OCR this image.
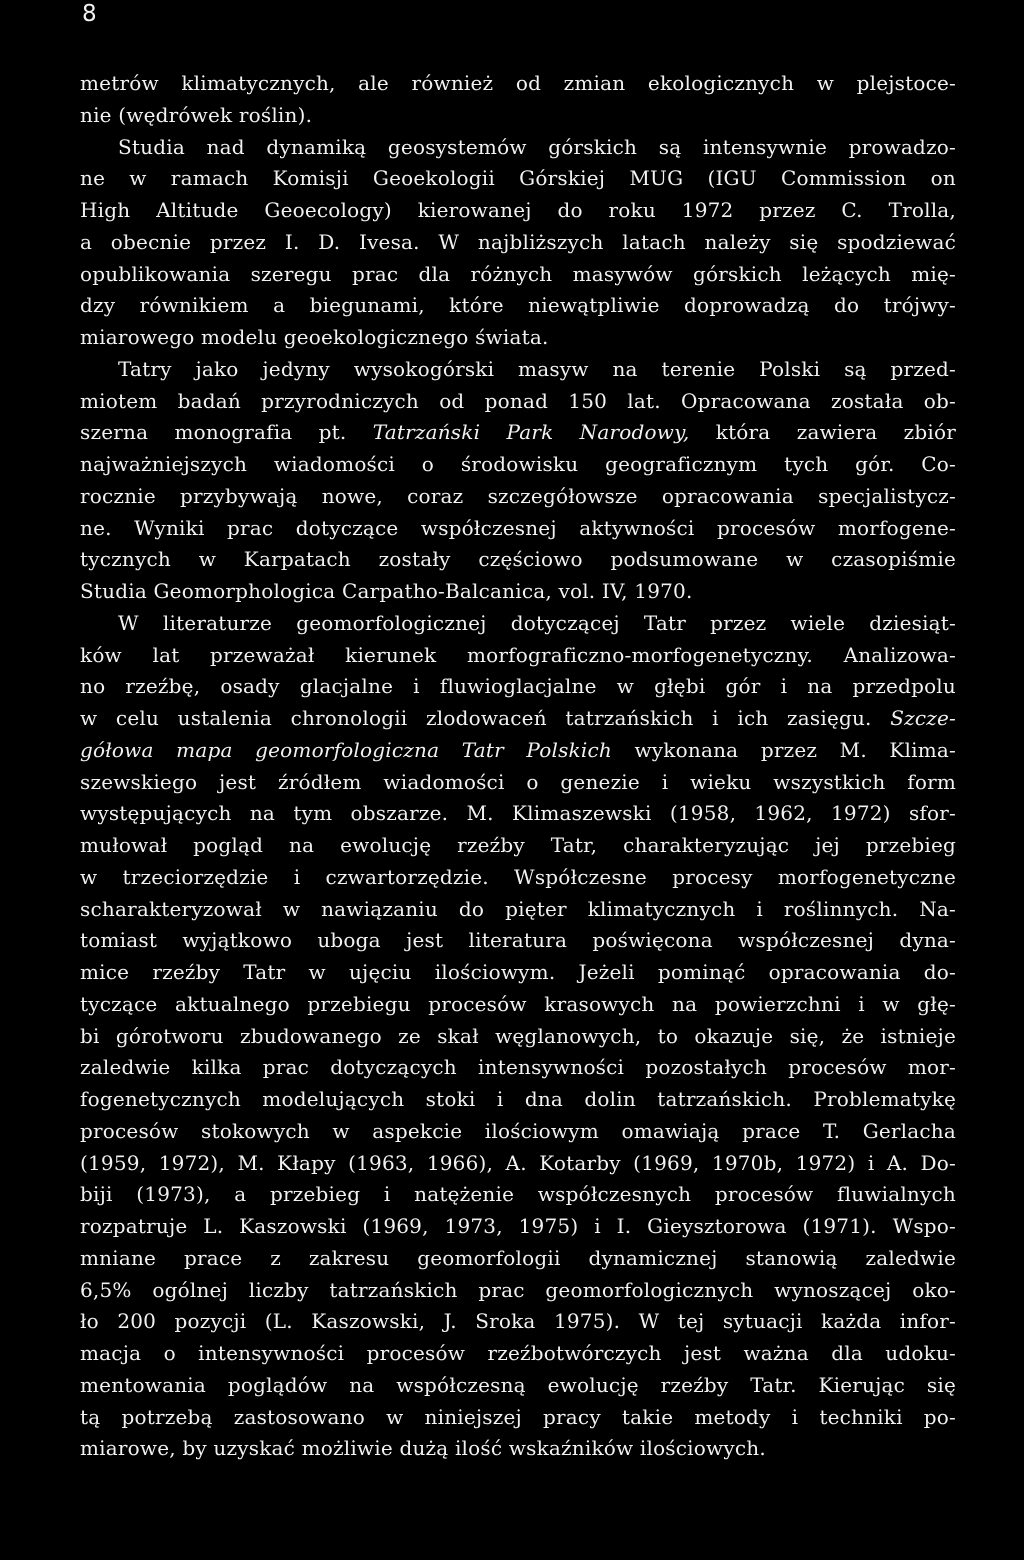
8
metrów klimatycznych, ale również od zmian ekologicznych w plejstoce-
nie (wędrówek roślin).
Studia nad dynamiką geosystemów górskich są intensywnie prowadzo-
ne w ramach Komisji Geoekologii Górskiej MUG (IGU Commission on
High Altitude Geoecology) kierowanej do roku 1972 przez C. Trolla,
a obecnie przez I. D. Ivesa. W najbliższych latach należy się spodziewać
opublikowania szeregu prac dla różnych masywów górskich leżących mię-
dzy równikiem a biegunami, które niewątpliwie doprowadzą do trójwy-
miarowego modelu geoekologicznego świata.
Tatry jako jedyny wysokogórski masyw na terenie Polski są przed-
miotem badań przyrodniczych od ponad 150 lat. Opracowana została ob-
szerna monografia pt. Tatrzański Park Narodowy, która zawiera zbiór
najważniejszych wiadomości o środowisku geograficznym tych gór. Co-
rocznie przybywają nowe, coraz szczegółowsze opracowania specjalistycz-
ne. Wyniki prac dotyczące współczesnej aktywności procesów morfogene-
tycznych w Karpatach zostały częściowo podsumowane w czasopiśmie
Studia Geomorphologica Carpatho-Balcanica, vol. IV, 1970.
W literaturze geomorfologicznej dotyczącej Tatr przez wiele dziesiąt-
ków lat przeważał kierunek morfograficzno-morfogenetyczny. Analizowa-
no rzeźbę, osady glacjalne i fluwioglacjalne w głębi gór i na przedpolu
w celu ustalenia chronologii zlodowaceń tatrzańskich i ich zasięgu. Szcze-
gółowa mapa geomorfologiczna Tatr Polskich wykonana przez M. Klima-
szewskiego jest źródłem wiadomości o genezie i wieku wszystkich form
występujących na tym obszarze. M. Klimaszewski (1958, 1962, 1972) sfor-
mułował pogląd na ewolucję rzeźby Tatr, charakteryzując jej przebieg
w trzeciorzędzie i czwartorzędzie. Współczesne procesy morfogenetyczne
scharakteryzował w nawiązaniu do pięter klimatycznych i roślinnych. Na-
tomiast wyjątkowo uboga jest literatura poświęcona współczesnej dyna-
mice rzeźby Tatr w ujęciu ilościowym. Jeżeli pominąć opracowania do-
tyczące aktualnego przebiegu procesów krasowych na powierzchni i w głę-
bi górotworu zbudowanego ze skał węglanowych, to okazuje się, że istnieje
zaledwie kilka prac dotyczących intensywności pozostałych procesów mor-
fogenetycznych modelujących stoki i dna dolin tatrzańskich. Problematykę
procesów stokowych w aspekcie ilościowym omawiają prace T. Gerlacha
(1959, 1972), M. Kłapy (1963, 1966), A. Kotarby (1969, 1970b, 1972) i A. Do-
biji (1973), a przebieg i natężenie współczesnych procesów fluwialnych
rozpatruje L. Kaszowski (1969, 1973, 1975) i I. Gieysztorowa (1971). Wspo-
mniane prace z zakresu geomorfologii dynamicznej stanowią zaledwie
6,5% ogólnej liczby tatrzańskich prac geomorfologicznych wynoszącej oko-
ło 200 pozycji (L. Kaszowski, J. Sroka 1975). W tej sytuacji każda infor-
macja o intensywności procesów rzeźbotwórczych jest ważna dla udoku-
mentowania poglądów na współczesną ewolucję rzeźby Tatr. Kierując się
tą potrzebą zastosowano w niniejszej pracy takie metody i techniki po-
miarowe, by uzyskać możliwie dużą ilość wskaźników ilościowych.
